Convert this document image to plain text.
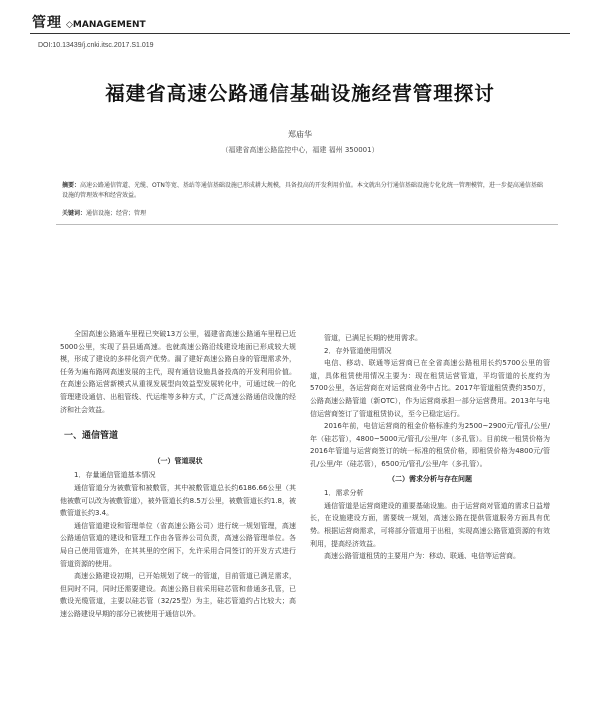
管理 ◇MANAGEMENT
DOI:10.13439/j.cnki.itsc.2017.S1.019
福建省高速公路通信基础设施经营管理探讨
郑庙华
（福建省高速公路监控中心，福建 福州 350001）
摘要：高速公路通信管道、光缆、OTN等宽、基站等通信基础设施已形成耕大规模，具备投高的开发利用价值。本文就出分行通信基础设施专化化统一管理模管，进一步提高通信基础设施的管理效率和经营效益。
关键词：通信设施；经营；管理

全国高速公路通车里程已突破13万公里，福建省高速公路通车里程已近5000公里，实现了县县通高速。也就高速公路沿线建设地面已形成较大规模，形成了建设的多样化资产优势。漏了建好高速公路自身的管理需求外，任务为遍布路网高速发展的主代，现有通信设施具备投高的开发利用价值。在高速公路运营新模式从重视发展型向效益型发展转化中，可通过统一的化管理建设通信、出租管线、代运维等多种方式，广泛高速公路通信设施的经济和社会效益。

一、通信管道
（一）管道现状
1．存量通信管道基本情况

通信管道分为被敷管和被敷管，其中被敷管道总长约6186.66公里（其他被敷可以改为被敷管道），被外管道长约8.5万公里，被敷管道长约1.8，被敷管道长约3.4。

通信管道建设和管理单位（省高速公路公司）进行统一规划管理，高速公路通信管道的建设和管理工作由各管养公司负责，高速公路管理单位。各局自己使用管道外，在其其里的空闲下，允许采用合同签订的开发方式进行管道资源的使用。

高速公路建设初期，已开始规划了统一的管道，目前管道已满足需求，但同时不同，同时还需要建设。高速公路目前采用硅芯管和普通多孔管，已敷设光缆管道，主要以硅芯管（32/25型）为主，硅芯管道约占比较大；高速公路建设早期的部分已被使用于通信以外。

管道，已满足长期的使用需求。

2．存外管道使用情况

电信、移动、联通等运营商已在全省高速公路租用长约5700公里的管道，具体租赁使用情况主要为：现在租赁运营管道，平均管道的长度约为5700公里，各运营商在对运营商业务中占比。2017年管道租赁费约350万，公路高速公路管道（新OTC），作为运营商承担一部分运营费用。2013年与电信运营商签订了管道租赁协议，至今已稳定运行。

2016年前，电信运营商的租金价格标准约为2500~2900元/管孔/公里/年（硅芯管），4800~5000元/管孔/公里/年（多孔管）。目前统一租赁价格为2016年管道与运营商签订的统一标准的租赁价格，即租赁价格为4800元/管孔/公里/年（硅芯管），6500元/管孔/公里/年（多孔管）。

（二）需求分析与存在问题
1．需求分析

通信管道是运营商建设的重要基础设施。由于运营商对管道的需求日益增长，在设施建设方面，需要统一规划，高速公路在提供管道服务方面具有优势。根据运营商需求，可将部分管道用于出租，实现高速公路管道资源的有效利用，提高经济效益。

高速公路管道租赁的主要用户为：移动、联通、电信等运营商。
